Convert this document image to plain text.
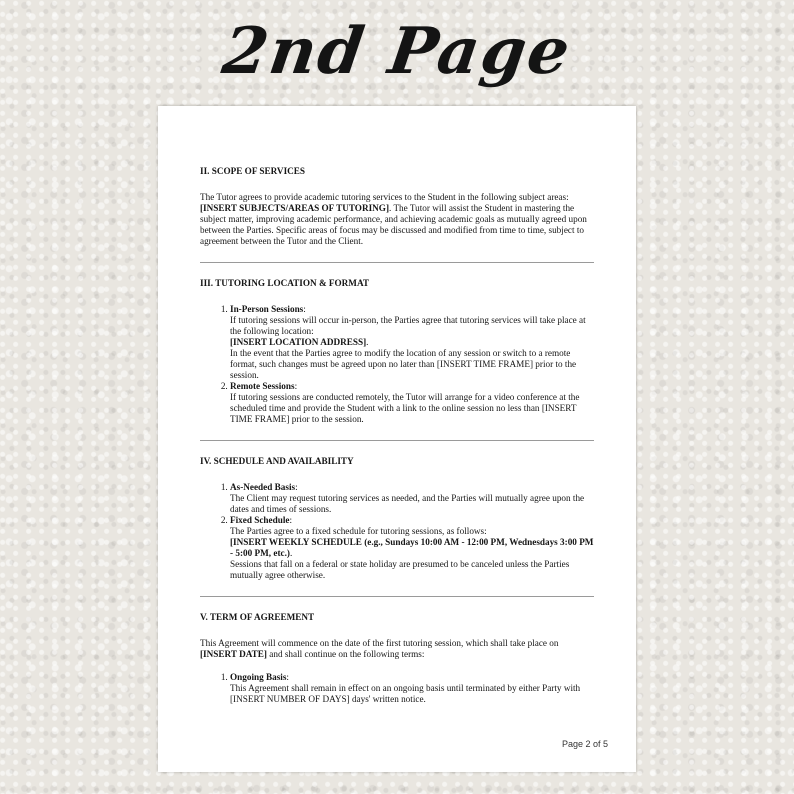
2nd Page
II. SCOPE OF SERVICES

The Tutor agrees to provide academic tutoring services to the Student in the following subject areas:
[INSERT SUBJECTS/AREAS OF TUTORING]. The Tutor will assist the Student in mastering the subject matter, improving academic performance, and achieving academic goals as mutually agreed upon between the Parties. Specific areas of focus may be discussed and modified from time to time, subject to agreement between the Tutor and the Client.

III. TUTORING LOCATION & FORMAT
1. In-Person Sessions:
If tutoring sessions will occur in-person, the Parties agree that tutoring services will take place at the following location:
[INSERT LOCATION ADDRESS].
In the event that the Parties agree to modify the location of any session or switch to a remote format, such changes must be agreed upon no later than [INSERT TIME FRAME] prior to the session.
2. Remote Sessions:
If tutoring sessions are conducted remotely, the Tutor will arrange for a video conference at the scheduled time and provide the Student with a link to the online session no less than [INSERT TIME FRAME] prior to the session.
IV. SCHEDULE AND AVAILABILITY
1. As-Needed Basis:
The Client may request tutoring services as needed, and the Parties will mutually agree upon the dates and times of sessions.
2. Fixed Schedule:
The Parties agree to a fixed schedule for tutoring sessions, as follows:
[INSERT WEEKLY SCHEDULE (e.g., Sundays 10:00 AM - 12:00 PM, Wednesdays 3:00 PM - 5:00 PM, etc.).
Sessions that fall on a federal or state holiday are presumed to be canceled unless the Parties mutually agree otherwise.
V. TERM OF AGREEMENT

This Agreement will commence on the date of the first tutoring session, which shall take place on
[INSERT DATE] and shall continue on the following terms:

1. Ongoing Basis:
This Agreement shall remain in effect on an ongoing basis until terminated by either Party with [INSERT NUMBER OF DAYS] days' written notice.
Page 2 of 5
